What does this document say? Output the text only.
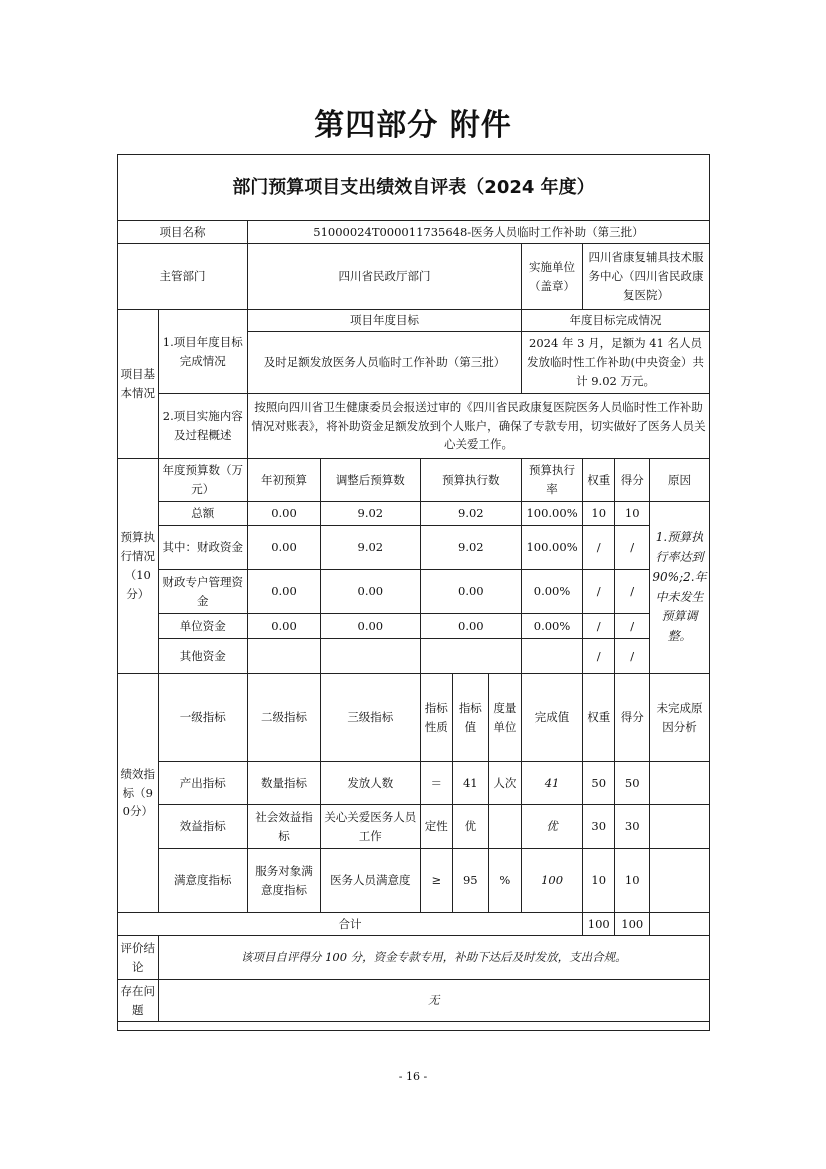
第四部分 附件
部门预算项目支出绩效自评表（2024 年度）
项目名称		51000024T000011735648-医务人员临时工作补助（第三批）								
主管部门		四川省民政厅部门					实施单位（盖章）	四川省康复辅具技术服务中心（四川省民政康复医院）		
项目基本情况	1.项目年度目标完成情况	项目年度目标					年度目标完成情况			
		及时足额发放医务人员临时工作补助（第三批）					2024 年 3 月，足额为 41 名人员发放临时性工作补助(中央资金）共计 9.02 万元。			
	2.项目实施内容及过程概述	按照向四川省卫生健康委员会报送过审的《四川省民政康复医院医务人员临时性工作补助情况对账表》，将补助资金足额发放到个人账户，确保了专款专用，切实做好了医务人员关心关爱工作。								
预算执行情况（10分）	年度预算数（万元）	年初预算	调整后预算数	预算执行数			预算执行率	权重	得分	原因
	总额	0.00	9.02	9.02			100.00%	10	10	1.预算执行率达到90%;2.年中未发生预算调整。
	其中：财政资金	0.00	9.02	9.02			100.00%	/	/	
	财政专户管理资金	0.00	0.00	0.00			0.00%	/	/	
	单位资金	0.00	0.00	0.00			0.00%	/	/	
	其他资金							/	/	
绩效指标（90分）	一级指标	二级指标	三级指标	指标性质	指标值	度量单位	完成值	权重	得分	未完成原因分析
	产出指标	数量指标	发放人数	＝	41	人次	41	50	50	
	效益指标	社会效益指标	关心关爱医务人员工作	定性	优		优	30	30	
	满意度指标	服务对象满意度指标	医务人员满意度	≥	95	%	100	10	10	
合计								100	100	
评价结论	该项目自评得分 100 分，资金专款专用，补助下达后及时发放，支出合规。									
存在问题	无									
- 16 -
